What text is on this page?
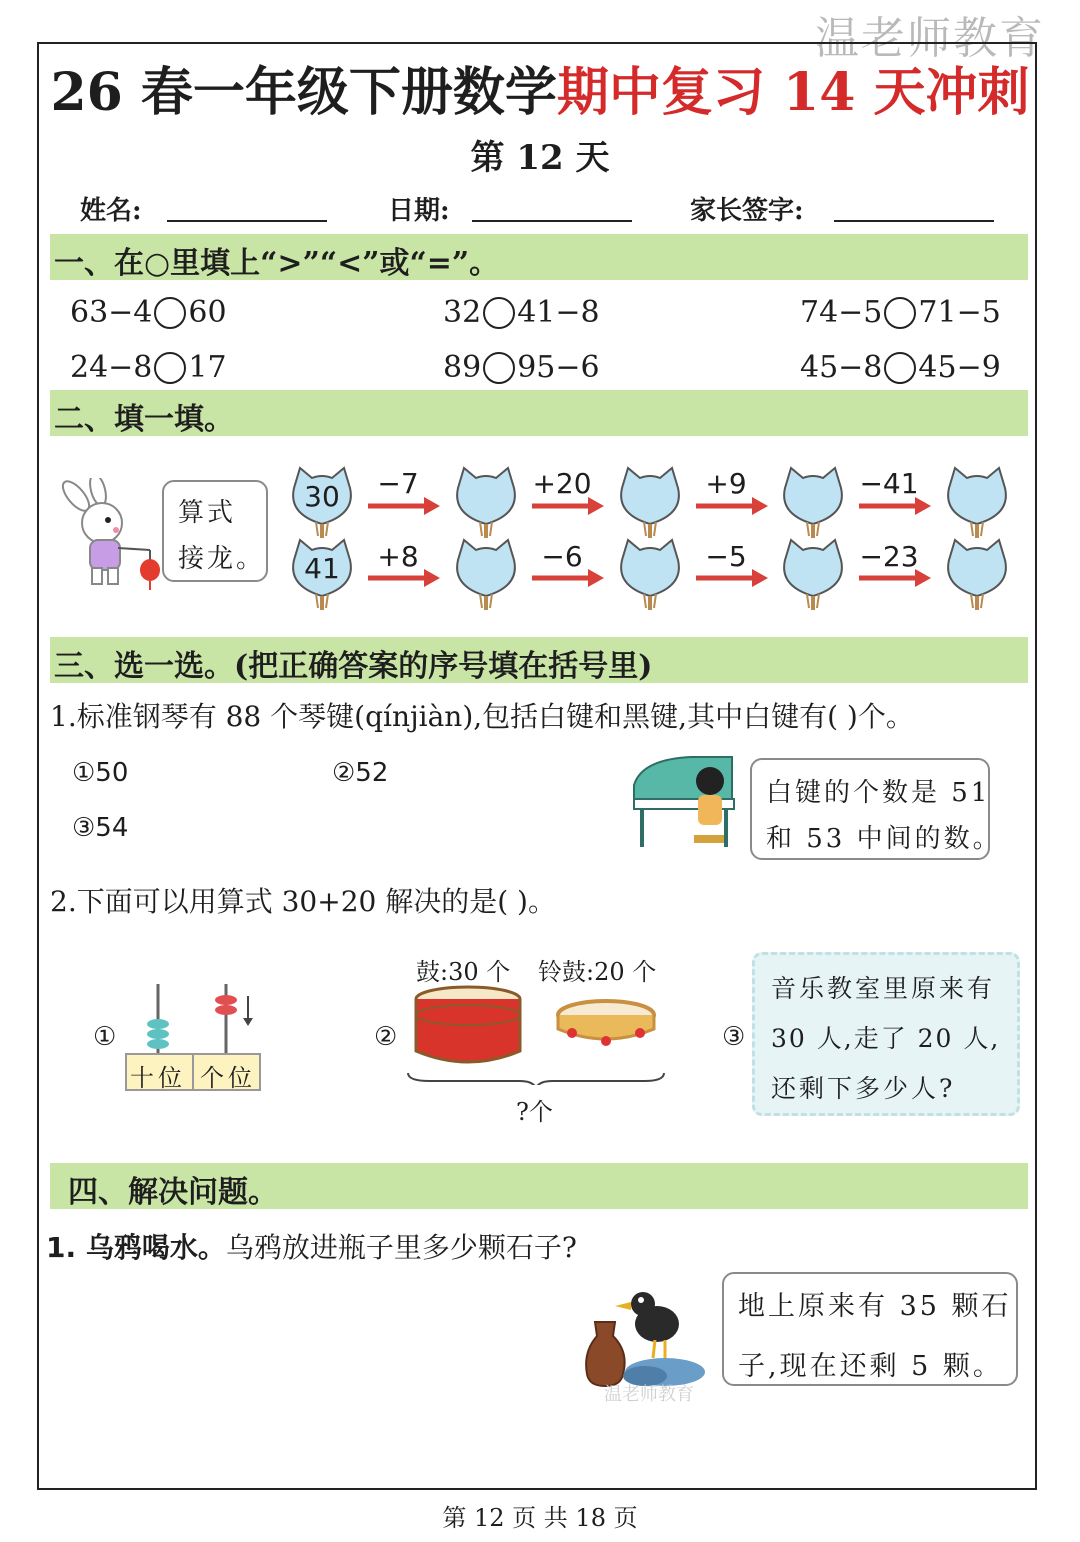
温老师教育
26 春一年级下册数学期中复习 14 天冲刺
第 12 天
姓名:	日期:	家长签字:
一、在○里填上“>”“<”或“=”。
63−4 60	32 41−8	74−5 71−5
24−8 17	89 95−6	45−8 45−9
二、填一填。
算式
接龙。
30
41
−7	+20	+9	−41
+8	−6	−5	−23
三、选一选。(把正确答案的序号填在括号里)
1.标准钢琴有 88 个琴键(qínjiàn),包括白键和黑键,其中白键有( )个。
①50	②52
③54
白键的个数是 51
和 53 中间的数。
2.下面可以用算式 30+20 解决的是( )。
①
十位 个位
②
鼓:30 个 铃鼓:20 个
?个
③
音乐教室里原来有
30 人,走了 20 人,
还剩下多少人?
四、解决问题。
1. 乌鸦喝水。乌鸦放进瓶子里多少颗石子?
温老师教育
地上原来有 35 颗石
子,现在还剩 5 颗。
第 12 页 共 18 页
